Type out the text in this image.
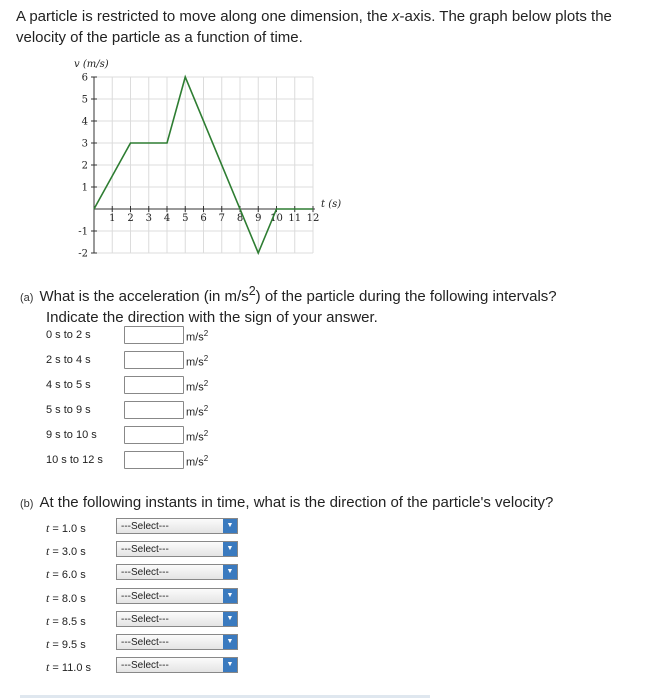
A particle is restricted to move along one dimension, the x-axis. The graph below plots the velocity of the particle as a function of time.
1 2 3 4 5 6 7 8 9 10 11 12
6
5
4
3
2
1
-1
-2
v (m/s)
t (s)
(a) What is the acceleration (in $m/s^2$) of the particle during the following intervals?
Indicate the direction with the sign of your answer.
0 s to 2 s	$m/s^2$
2 s to 4 s	$m/s^2$
4 s to 5 s	$m/s^2$
5 s to 9 s	$m/s^2$
9 s to 10 s	$m/s^2$
10 s to 12 s	$m/s^2$
(b) At the following instants in time, what is the direction of the particle's velocity?
t = 1.0 s	---Select---	▼
t = 3.0 s	---Select---	▼
t = 6.0 s	---Select---	▼
t = 8.0 s	---Select---	▼
t = 8.5 s	---Select---	▼
t = 9.5 s	---Select---	▼
t = 11.0 s	---Select---	▼
